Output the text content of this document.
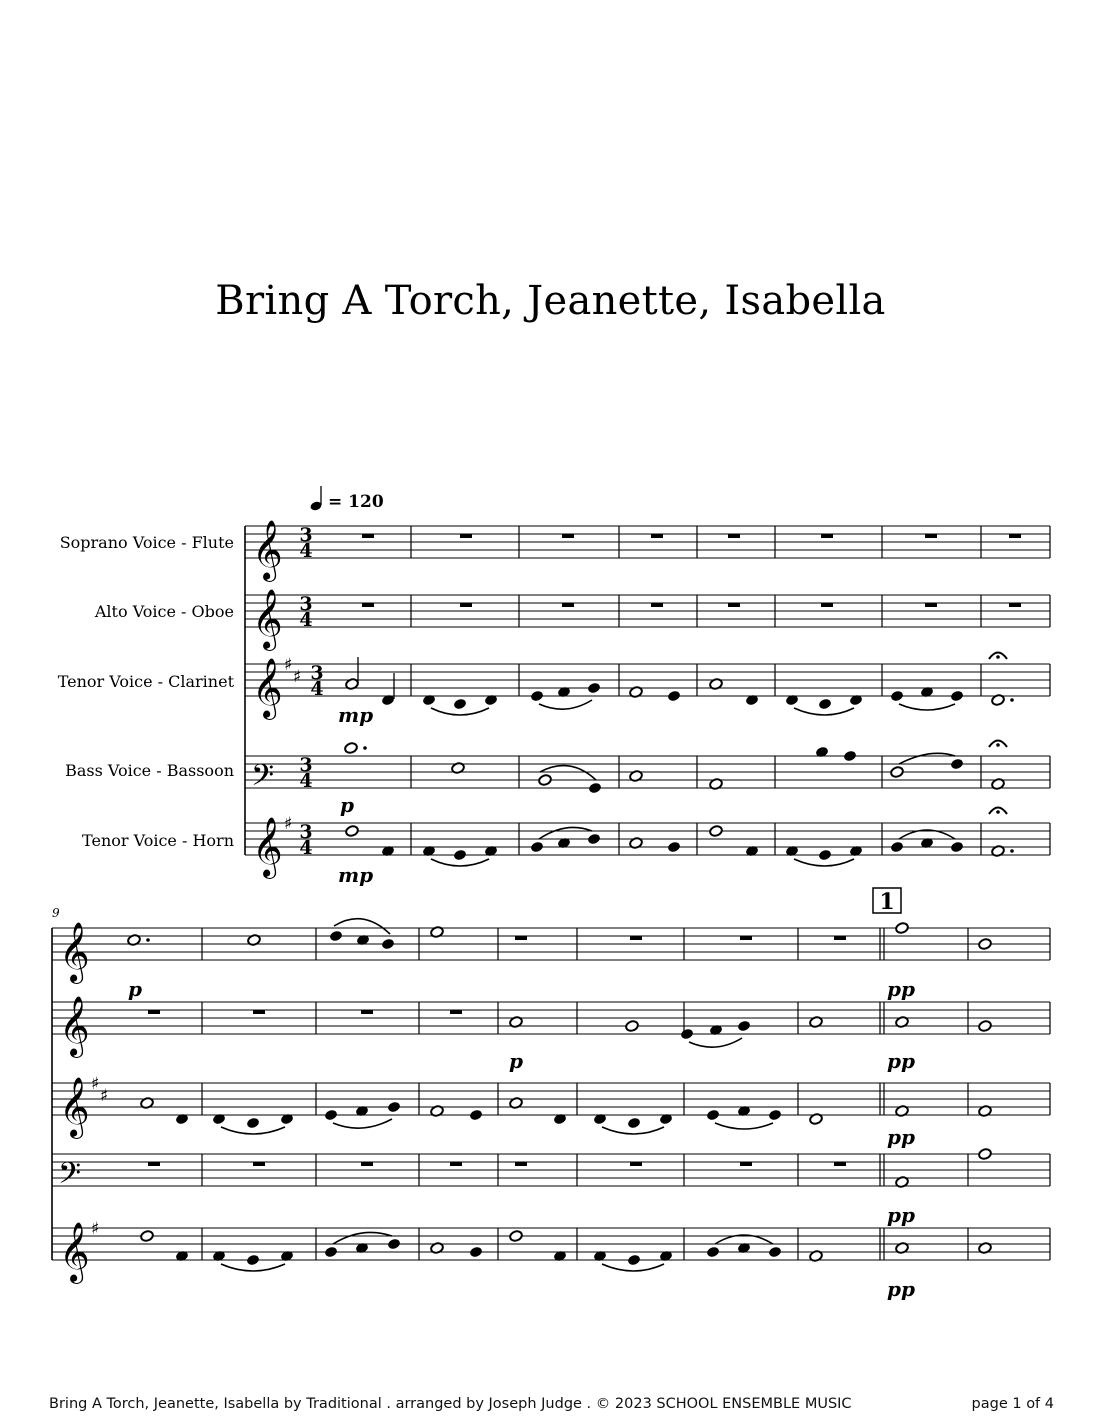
Bring A Torch, Jeanette, Isabella
= 120
Soprano Voice - Flute
Alto Voice - Oboe
Tenor Voice - Clarinet
Bass Voice - Bassoon
Tenor Voice - Horn
𝄞 3
4
𝄞 3
4
𝄞 ♯
♯ 3
4
mp
𝄢 3
4
p
𝄞 ♯ 3
4
mp
9	1
𝄞
p	pp
𝄞
p	pp
𝄞 ♯
♯
pp
𝄢
pp
𝄞 ♯
pp
Bring A Torch, Jeanette, Isabella by Traditional . arranged by Joseph Judge . © 2023 SCHOOL ENSEMBLE MUSIC	page 1 of 4
